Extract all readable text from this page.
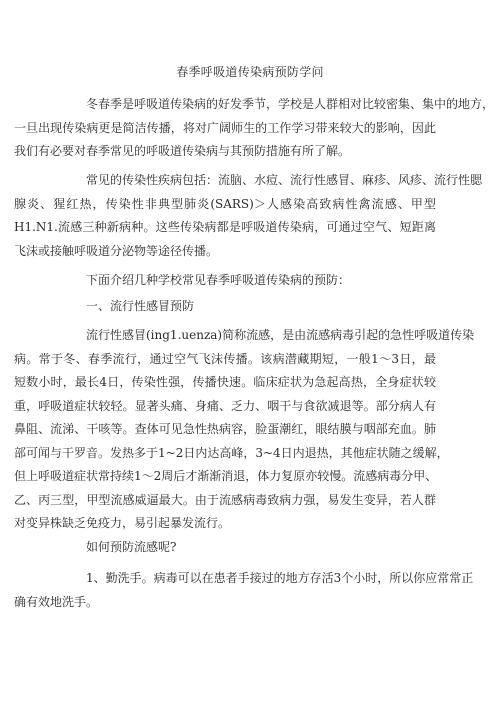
春季呼吸道传染病预防学问
冬春季是呼吸道传染病的好发季节，学校是人群相对比较密集、集中的地方，
一旦出现传染病更是简洁传播，将对广阔师生的工作学习带来较大的影响，因此
我们有必要对春季常见的呼吸道传染病与其预防措施有所了解。
常见的传染性疾病包括：流脑、水痘、流行性感冒、麻疹、风疹、流行性腮
腺炎、猩红热，传染性非典型肺炎(SARS)＞人感染高致病性禽流感、甲型
H1.N1.流感三种新病种。这些传染病都是呼吸道传染病，可通过空气、短距离
飞沫或接触呼吸道分泌物等途径传播。
下面介绍几种学校常见春季呼吸道传染病的预防：
一、流行性感冒预防
流行性感冒(ing1.uenza)简称流感，是由流感病毒引起的急性呼吸道传染
病。常于冬、春季流行，通过空气飞沫传播。该病潜藏期短，一般1～3日，最
短数小时，最长4日，传染性强，传播快速。临床症状为急起高热，全身症状较
重，呼吸道症状较轻。显著头痛、身痛、乏力、咽干与食欲减退等。部分病人有
鼻阻、流涕、干咳等。查体可见急性热病容，脸蛋潮红，眼结膜与咽部充血。肺
部可闻与干罗音。发热多于1~2日内达高峰，3~4日内退热，其他症状随之缓解，
但上呼吸道症状常持续1～2周后才渐渐消退，体力复原亦较慢。流感病毒分甲、
乙、丙三型，甲型流感威逼最大。由于流感病毒致病力强，易发生变异，若人群
对变异株缺乏免疫力，易引起暴发流行。
如何预防流感呢?
1、勤洗手。病毒可以在患者手接过的地方存活3个小时，所以你应常常正
确有效地洗手。
